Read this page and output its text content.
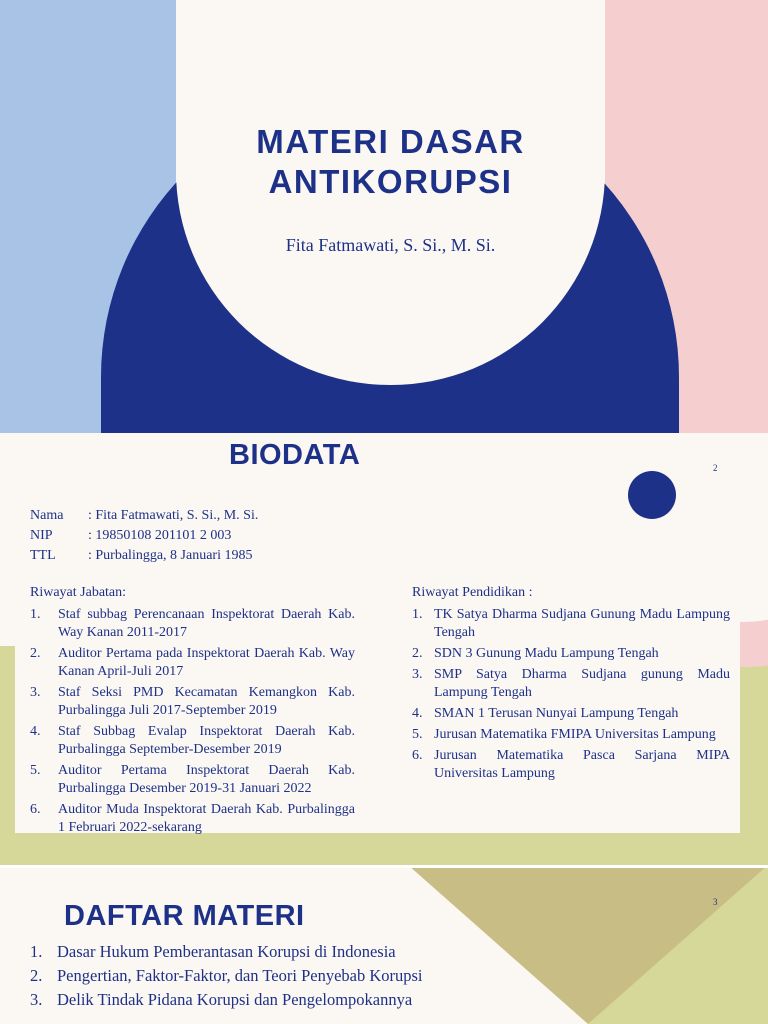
MATERI DASAR
ANTIKORUPSI
Fita Fatmawati, S. Si., M. Si.
2
BIODATA
Nama	: Fita Fatmawati, S. Si., M. Si.
NIP	: 19850108 201101 2 003
TTL	: Purbalingga, 8 Januari 1985
Riwayat Jabatan:
1.	Staf subbag Perencanaan Inspektorat Daerah Kab. Way Kanan 2011-2017
2.	Auditor Pertama pada Inspektorat Daerah Kab. Way Kanan April-Juli 2017
3.	Staf Seksi PMD Kecamatan Kemangkon Kab. Purbalingga Juli 2017-September 2019
4.	Staf Subbag Evalap Inspektorat Daerah Kab. Purbalingga September-Desember 2019
5.	Auditor Pertama Inspektorat Daerah Kab. Purbalingga Desember 2019-31 Januari 2022
6.	Auditor Muda Inspektorat Daerah Kab. Purbalingga 1 Februari 2022-sekarang
Riwayat Pendidikan :
1. TK Satya Dharma Sudjana Gunung Madu Lampung Tengah
2. SDN 3 Gunung Madu Lampung Tengah
3. SMP Satya Dharma Sudjana gunung Madu Lampung Tengah
4. SMAN 1 Terusan Nunyai Lampung Tengah
5. Jurusan Matematika FMIPA Universitas Lampung
6. Jurusan Matematika Pasca Sarjana MIPA Universitas Lampung
3
DAFTAR MATERI
1. Dasar Hukum Pemberantasan Korupsi di Indonesia
2. Pengertian, Faktor-Faktor, dan Teori Penyebab Korupsi
3. Delik Tindak Pidana Korupsi dan Pengelompokannya
